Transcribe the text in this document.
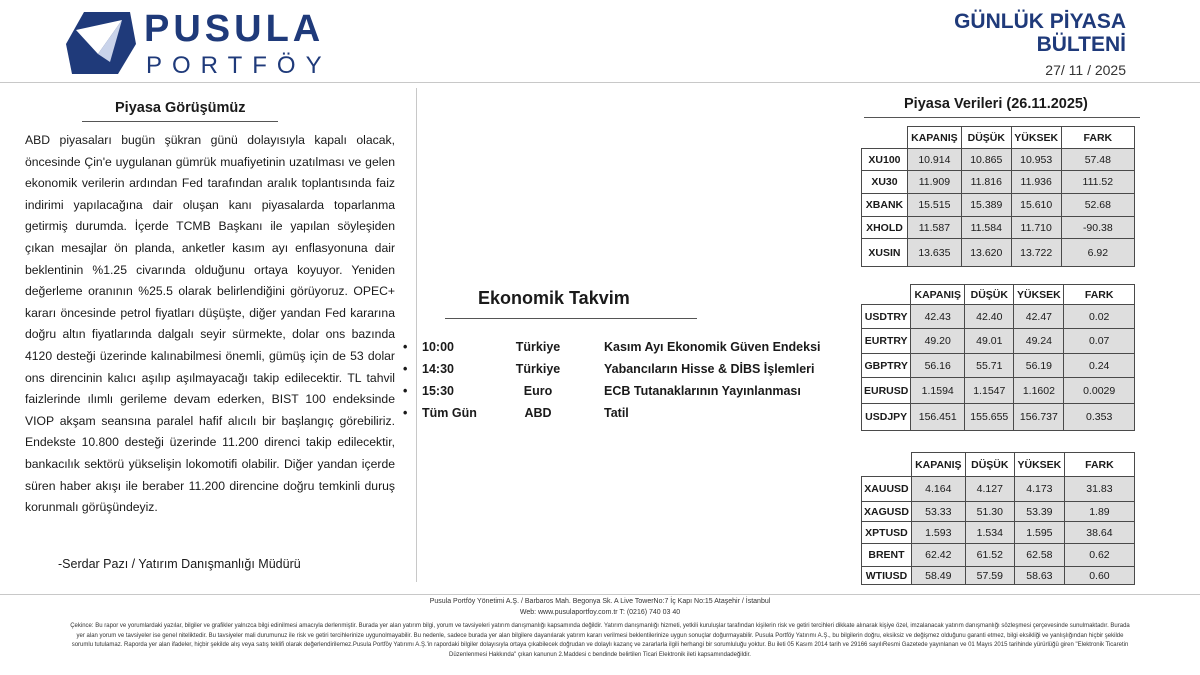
PUSULA
PORTFÖY
GÜNLÜK PİYASA
BÜLTENİ
27/ 11 / 2025
Piyasa Görüşümüz
ABD piyasaları bugün şükran günü dolayısıyla kapalı olacak, öncesinde Çin'e uygulanan gümrük muafiyetinin uzatılması ve gelen ekonomik verilerin ardından Fed tarafından aralık toplantısında faiz indirimi yapılacağına dair oluşan kanı piyasalarda toparlanma getirmiş durumda. İçerde TCMB Başkanı ile yapılan söyleşiden çıkan mesajlar ön planda, anketler kasım ayı enflasyonuna dair beklentinin %1.25 civarında olduğunu ortaya koyuyor. Yeniden değerleme oranının %25.5 olarak belirlendiğini görüyoruz. OPEC+ kararı öncesinde petrol fiyatları düşüşte, diğer yandan Fed kararına doğru altın fiyatlarında dalgalı seyir sürmekte, dolar ons bazında 4120 desteği üzerinde kalınabilmesi önemli, gümüş için de 53 dolar ons direncinin kalıcı aşılıp aşılmayacağı takip edilecektir. TL tahvil faizlerinde ılımlı gerileme devam ederken, BIST 100 endeksinde VIOP akşam seansına paralel hafif alıcılı bir başlangıç görebiliriz. Endekste 10.800 desteği üzerinde 11.200 direnci takip edilecektir, bankacılık sektörü yükselişin lokomotifi olabilir. Diğer yandan içerde süren haber akışı ile beraber 11.200 direncine doğru temkinli duruş korunmalı görüşündeyiz.
-Serdar Pazı / Yatırım Danışmanlığı Müdürü
Ekonomik Takvim
• 10:00	Türkiye	Kasım Ayı Ekonomik Güven Endeksi
• 14:30	Türkiye	Yabancıların Hisse & DİBS İşlemleri
• 15:30	Euro	ECB Tutanaklarının Yayınlanması
• Tüm Gün	ABD	Tatil
Piyasa Verileri (26.11.2025)
	KAPANIŞ	DÜŞÜK	YÜKSEK	FARK
XU100	10.914	10.865	10.953	57.48
XU30	11.909	11.816	11.936	111.52
XBANK	15.515	15.389	15.610	52.68
XHOLD	11.587	11.584	11.710	-90.38
XUSIN	13.635	13.620	13.722	6.92
	KAPANIŞ	DÜŞÜK	YÜKSEK	FARK
USDTRY	42.43	42.40	42.47	0.02
EURTRY	49.20	49.01	49.24	0.07
GBPTRY	56.16	55.71	56.19	0.24
EURUSD	1.1594	1.1547	1.1602	0.0029
USDJPY	156.451	155.655	156.737	0.353
	KAPANIŞ	DÜŞÜK	YÜKSEK	FARK
XAUUSD	4.164	4.127	4.173	31.83
XAGUSD	53.33	51.30	53.39	1.89
XPTUSD	1.593	1.534	1.595	38.64
BRENT	62.42	61.52	62.58	0.62
WTIUSD	58.49	57.59	58.63	0.60
Pusula Portföy Yönetimi A.Ş. / Barbaros Mah. Begonya Sk. A Live TowerNo:7 İç Kapı No:15 Ataşehir / İstanbul
Web: www.pusulaportfoy.com.tr T: (0216) 740 03 40
Çekince: Bu rapor ve yorumlardaki yazılar, bilgiler ve grafikler yalnızca bilgi edinilmesi amacıyla derlenmiştir. Burada yer alan yatırım bilgi, yorum ve tavsiyeleri yatırım danışmanlığı kapsamında değildir. Yatırım danışmanlığı hizmeti, yetkili kuruluşlar tarafından kişilerin risk ve getiri tercihleri dikkate alınarak kişiye özel, imzalanacak yatırım danışmanlığı sözleşmesi çerçevesinde sunulmaktadır. Burada yer alan yorum ve tavsiyeler ise genel niteliktedir. Bu tavsiyeler mali durumunuz ile risk ve getiri tercihlerinize uygunolmayabilir. Bu nedenle, sadece burada yer alan bilgilere dayanılarak yatırım kararı verilmesi beklentilerinize uygun sonuçlar doğurmayabilir. Pusula Portföy Yatırımı A.Ş., bu bilgilerin doğru, eksiksiz ve değişmez olduğunu garanti etmez, bilgi eksikliği ve yanlışlığından hiçbir şekilde sorumlu tutulamaz. Raporda yer alan ifadeler, hiçbir şekilde alış veya satış teklifi olarak değerlendirilemez.Pusula Portföy Yatırımı A.Ş.'in rapordaki bilgiler dolayısıyla ortaya çıkabilecek doğrudan ve dolaylı kazanç ve zararlarla ilgili herhangi bir sorumluluğu yoktur. Bu ileti 05 Kasım 2014 tarih ve 29166 sayılıResmi Gazetede yayınlanan ve 01 Mayıs 2015 tarihinde yürürlüğü giren "Elektronik Ticaretin Düzenlenmesi Hakkında" çıkan kanunun 2.Maddesi c bendinde belirtilen Ticari Elektronik ileti kapsamındadeğildir.
